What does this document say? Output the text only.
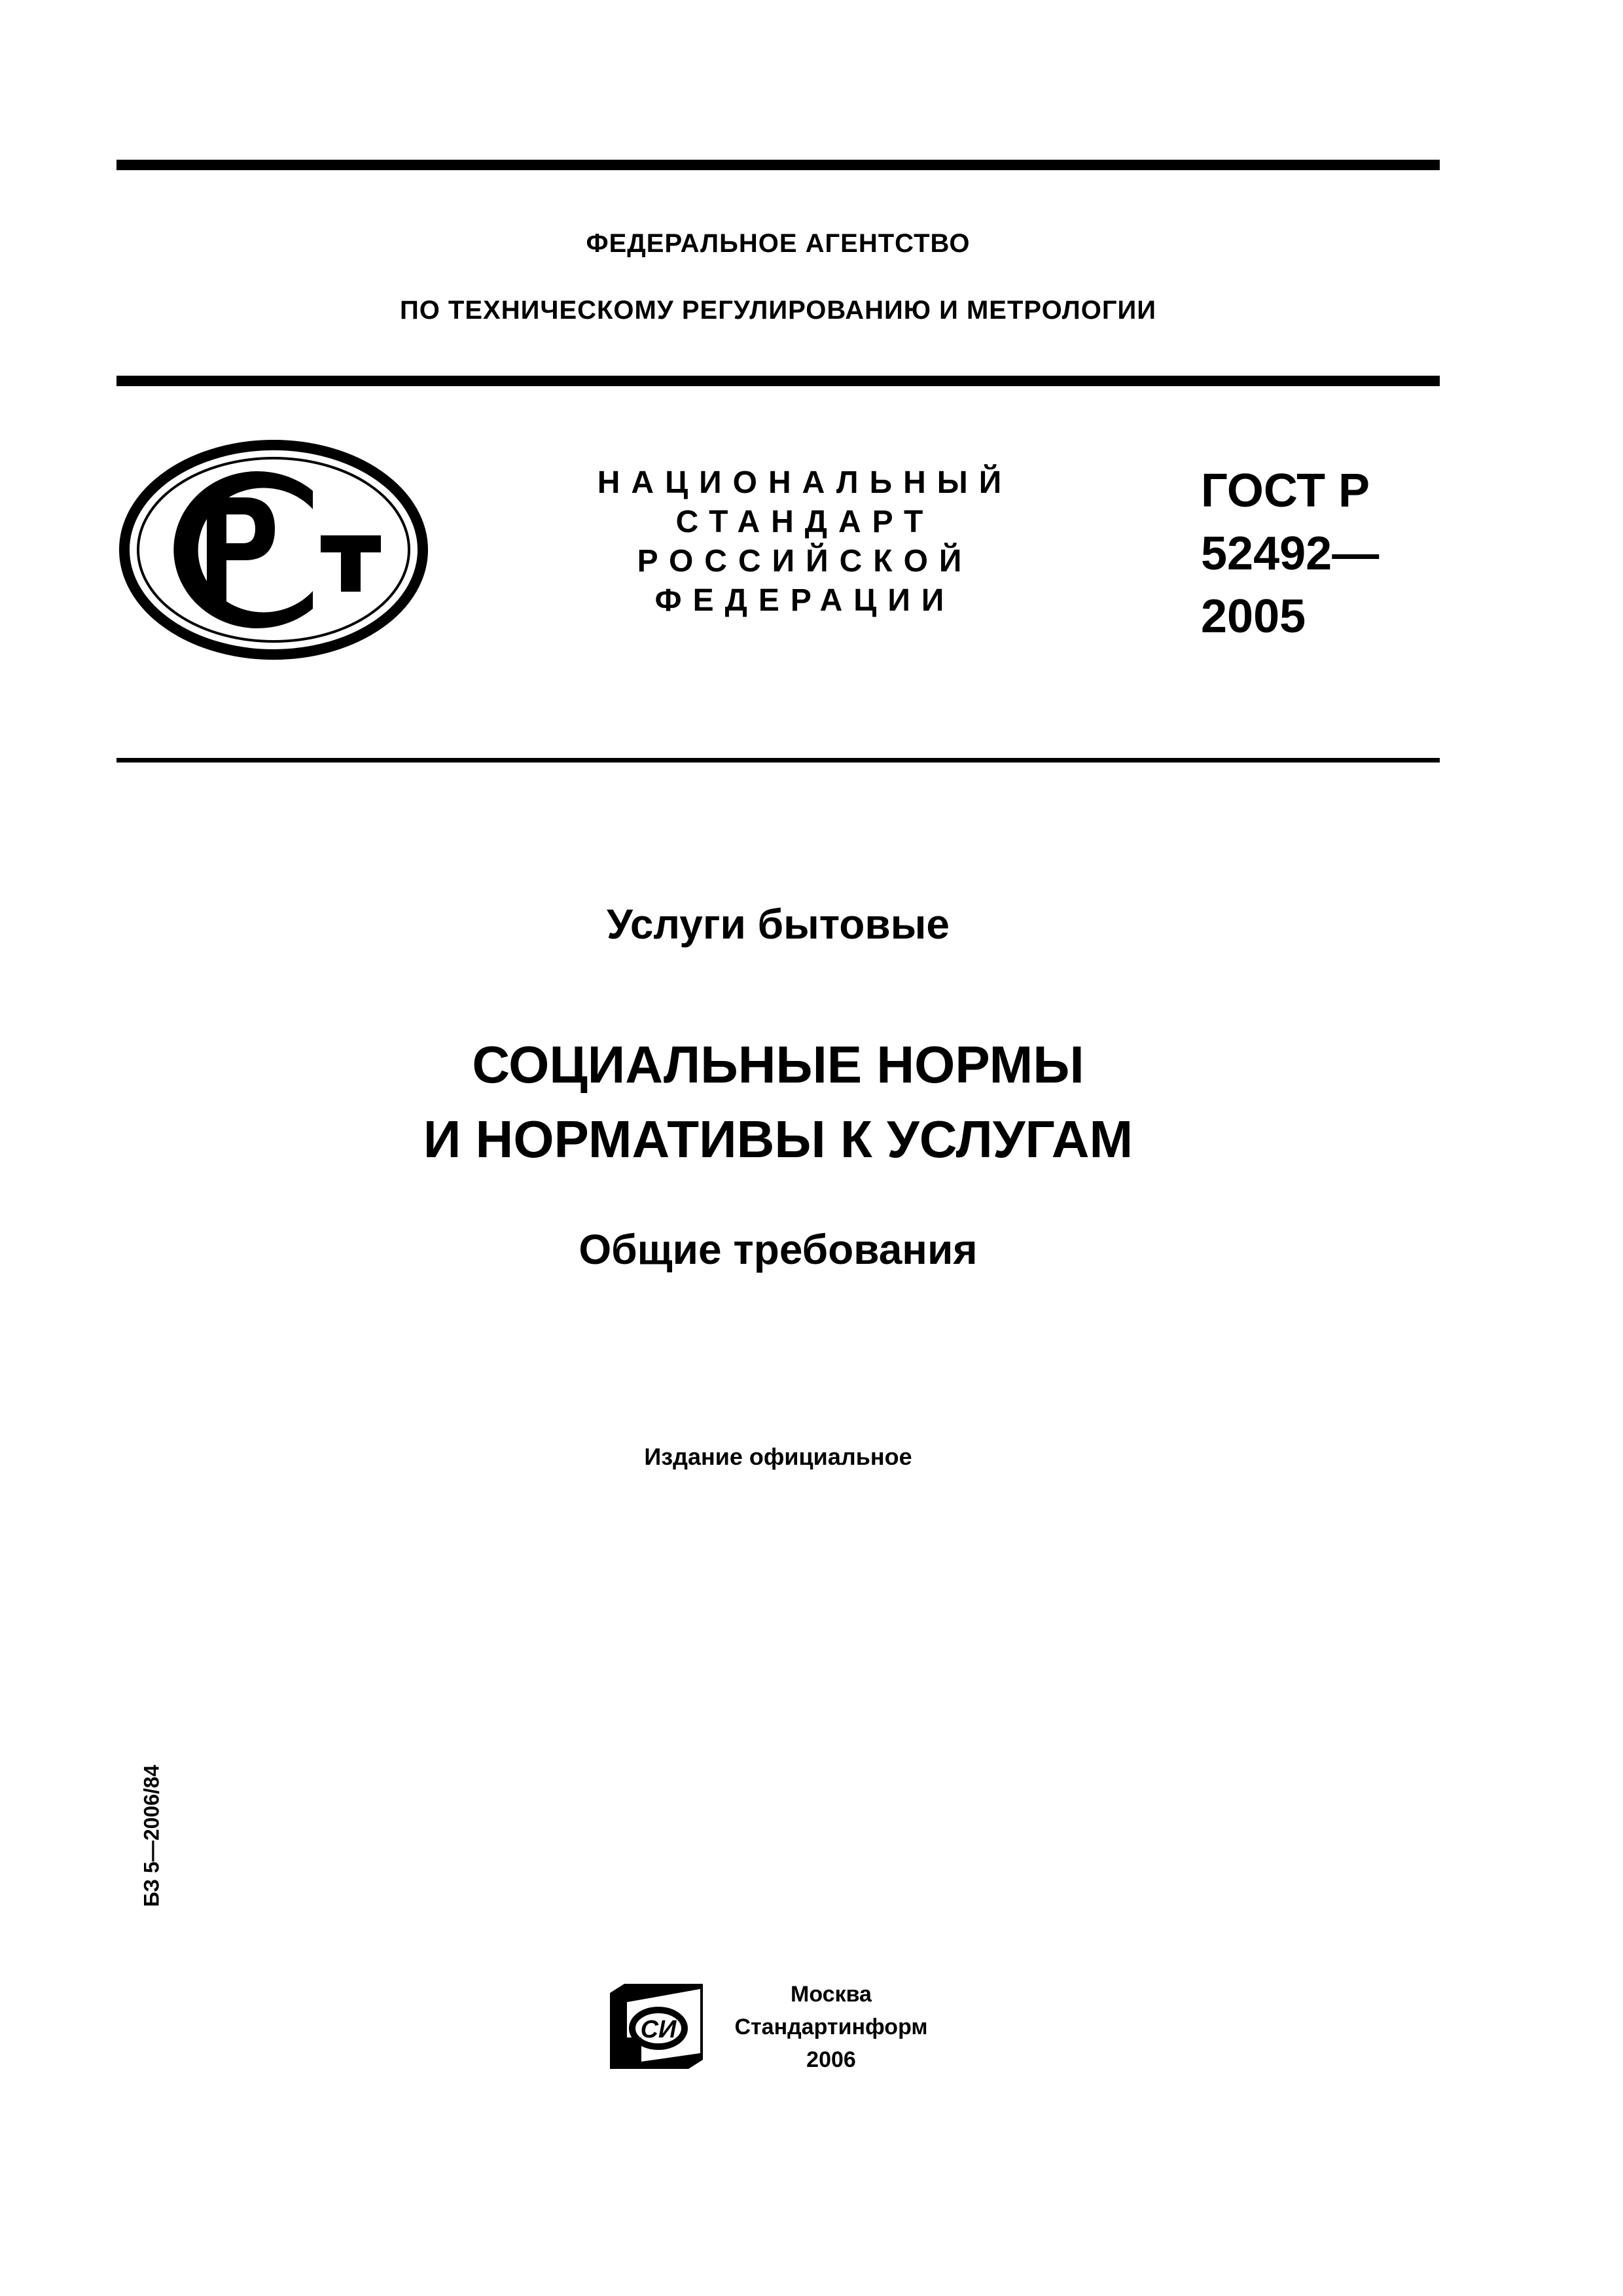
ФЕДЕРАЛЬНОЕ АГЕНТСТВО
ПО ТЕХНИЧЕСКОМУ РЕГУЛИРОВАНИЮ И МЕТРОЛОГИИ
НАЦИОНАЛЬНЫЙ
СТАНДАРТ
РОССИЙСКОЙ
ФЕДЕРАЦИИ
ГОСТ Р
52492—
2005
Услуги бытовые
СОЦИАЛЬНЫЕ НОРМЫ
И НОРМАТИВЫ К УСЛУГАМ
Общие требования
Издание официальное
БЗ 5—2006/84
СИ
Москва
Стандартинформ
2006
